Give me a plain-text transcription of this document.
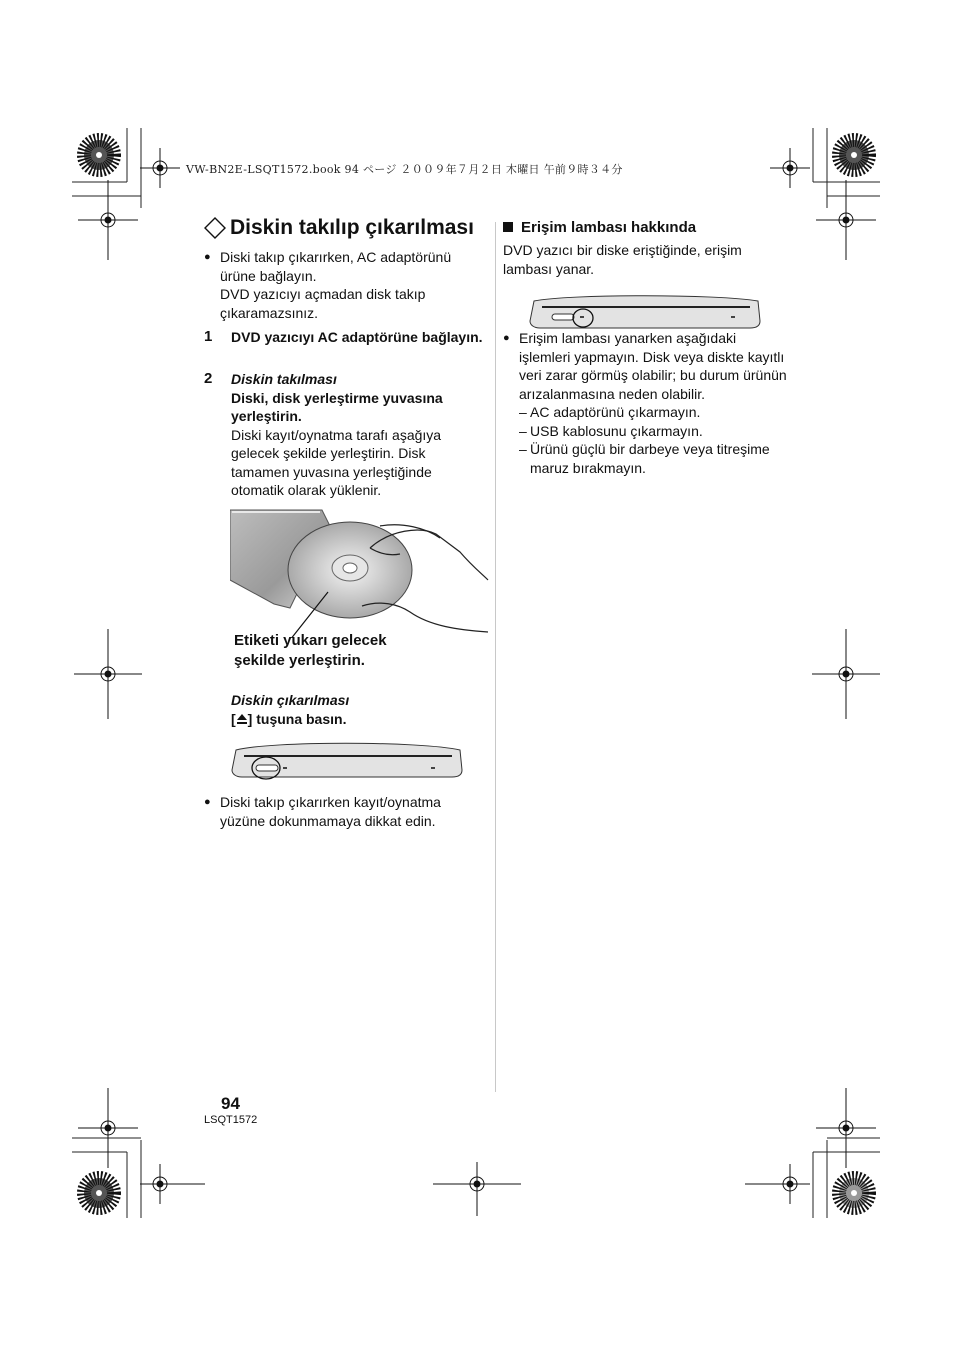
VW-BN2E-LSQT1572.book 94 ページ ２００９年７月２日 木曜日 午前９時３４分
Diskin takılıp çıkarılması
● Diski takıp çıkarırken, AC adaptörünü ürüne bağlayın.
DVD yazıcıyı açmadan disk takıp çıkaramazsınız.
1	DVD yazıcıyı AC adaptörüne bağlayın.
2	Diskin takılması
Diski, disk yerleştirme yuvasına yerleştirin.
Diski kayıt/oynatma tarafı aşağıya gelecek şekilde yerleştirin. Disk tamamen yuvasına yerleştiğinde otomatik olarak yüklenir.
Etiketi yukarı gelecek şekilde yerleştirin.
Diskin çıkarılması
[ ] tuşuna basın.
● Diski takıp çıkarırken kayıt/oynatma yüzüne dokunmamaya dikkat edin.
Erişim lambası hakkında
DVD yazıcı bir diske eriştiğinde, erişim lambası yanar.
● Erişim lambası yanarken aşağıdaki işlemleri yapmayın. Disk veya diskte kayıtlı veri zarar görmüş olabilir; bu durum ürünün arızalanmasına neden olabilir.
– AC adaptörünü çıkarmayın.
– USB kablosunu çıkarmayın.
– Ürünü güçlü bir darbeye veya titreşime maruz bırakmayın.
94
LSQT1572
